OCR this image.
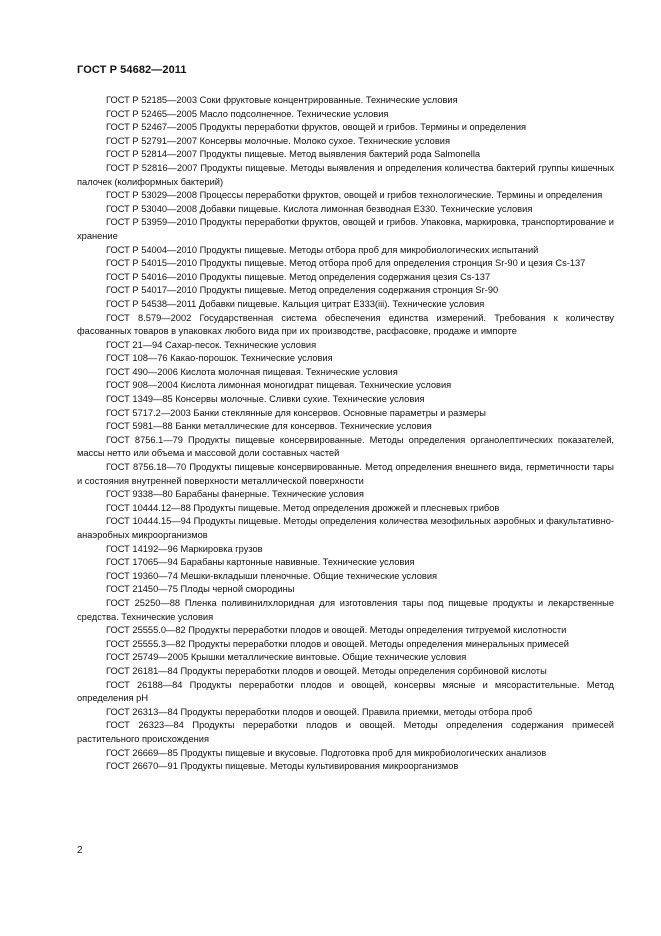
ГОСТ Р 54682—2011

ГОСТ Р 52185—2003 Соки фруктовые концентрированные. Технические условия

ГОСТ Р 52465—2005 Масло подсолнечное. Технические условия

ГОСТ Р 52467—2005 Продукты переработки фруктов, овощей и грибов. Термины и определения

ГОСТ Р 52791—2007 Консервы молочные. Молоко сухое. Технические условия

ГОСТ Р 52814—2007 Продукты пищевые. Метод выявления бактерий рода Salmonella

ГОСТ Р 52816—2007 Продукты пищевые. Методы выявления и определения количества бактерий группы кишечных палочек (колиформных бактерий)

ГОСТ Р 53029—2008 Процессы переработки фруктов, овощей и грибов технологические. Термины и определения

ГОСТ Р 53040—2008 Добавки пищевые. Кислота лимонная безводная Е330. Технические условия

ГОСТ Р 53959—2010 Продукты переработки фруктов, овощей и грибов. Упаковка, маркировка, транспортирование и хранение

ГОСТ Р 54004—2010 Продукты пищевые. Методы отбора проб для микробиологических испытаний

ГОСТ Р 54015—2010 Продукты пищевые. Метод отбора проб для определения стронция Sr-90 и цезия Cs-137

ГОСТ Р 54016—2010 Продукты пищевые. Метод определения содержания цезия Cs-137

ГОСТ Р 54017—2010 Продукты пищевые. Метод определения содержания стронция Sr-90

ГОСТ Р 54538—2011 Добавки пищевые. Кальция цитрат Е333(iii). Технические условия

ГОСТ 8.579—2002 Государственная система обеспечения единства измерений. Требования к количеству фасованных товаров в упаковках любого вида при их производстве, расфасовке, продаже и импорте

ГОСТ 21—94 Сахар-песок. Технические условия

ГОСТ 108—76 Какао-порошок. Технические условия

ГОСТ 490—2006 Кислота молочная пищевая. Технические условия

ГОСТ 908—2004 Кислота лимонная моногидрат пищевая. Технические условия

ГОСТ 1349—85 Консервы молочные. Сливки сухие. Технические условия

ГОСТ 5717.2—2003 Банки стеклянные для консервов. Основные параметры и размеры

ГОСТ 5981—88 Банки металлические для консервов. Технические условия

ГОСТ 8756.1—79 Продукты пищевые консервированные. Методы определения органолептических показателей, массы нетто или объема и массовой доли составных частей

ГОСТ 8756.18—70 Продукты пищевые консервированные. Метод определения внешнего вида, герметичности тары и состояния внутренней поверхности металлической поверхности

ГОСТ 9338—80 Барабаны фанерные. Технические условия

ГОСТ 10444.12—88 Продукты пищевые. Метод определения дрожжей и плесневых грибов

ГОСТ 10444.15—94 Продукты пищевые. Методы определения количества мезофильных аэробных и факультативно-анаэробных микроорганизмов

ГОСТ 14192—96 Маркировка грузов

ГОСТ 17065—94 Барабаны картонные навивные. Технические условия

ГОСТ 19360—74 Мешки-вкладыши пленочные. Общие технические условия

ГОСТ 21450—75 Плоды черной смородины

ГОСТ 25250—88 Пленка поливинилхлоридная для изготовления тары под пищевые продукты и лекарственные средства. Технические условия

ГОСТ 25555.0—82 Продукты переработки плодов и овощей. Методы определения титруемой кислотности

ГОСТ 25555.3—82 Продукты переработки плодов и овощей. Методы определения минеральных примесей

ГОСТ 25749—2005 Крышки металлические винтовые. Общие технические условия

ГОСТ 26181—84 Продукты переработки плодов и овощей. Методы определения сорбиновой кислоты

ГОСТ 26188—84 Продукты переработки плодов и овощей, консервы мясные и мясорастительные. Метод определения рН

ГОСТ 26313—84 Продукты переработки плодов и овощей. Правила приемки, методы отбора проб

ГОСТ 26323—84 Продукты переработки плодов и овощей. Методы определения содержания примесей растительного происхождения

ГОСТ 26669—85 Продукты пищевые и вкусовые. Подготовка проб для микробиологических анализов

ГОСТ 26670—91 Продукты пищевые. Методы культивирования микроорганизмов

2
